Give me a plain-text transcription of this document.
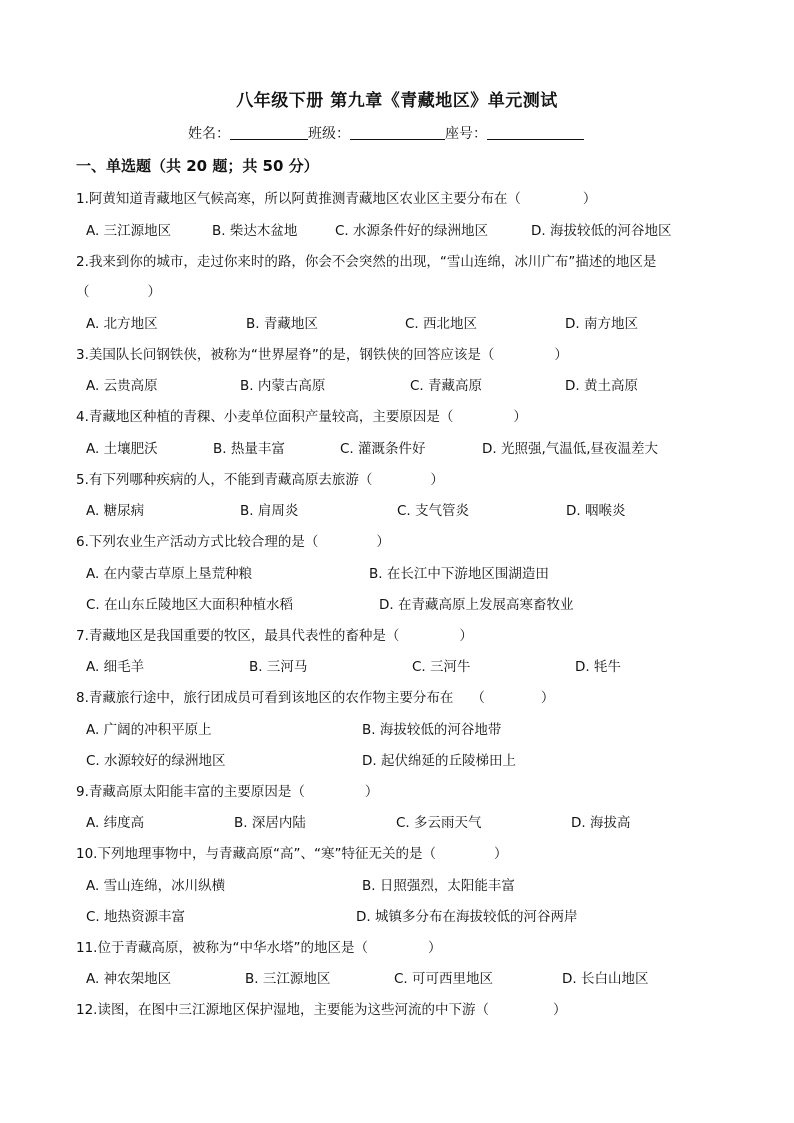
八年级下册 第九章《青藏地区》单元测试
姓名：	班级：	座号：
一、单选题（共 20 题；共 50 分）
1.阿黄知道青藏地区气候高寒，所以阿黄推测青藏地区农业区主要分布在（	）
A. 三江源地区	B. 柴达木盆地	C. 水源条件好的绿洲地区	D. 海拔较低的河谷地区
2.我来到你的城市，走过你来时的路，你会不会突然的出现，“雪山连绵，冰川广布”描述的地区是
（	）
A. 北方地区	B. 青藏地区	C. 西北地区	D. 南方地区
3.美国队长问钢铁侠，被称为“世界屋脊”的是，钢铁侠的回答应该是（	）
A. 云贵高原	B. 内蒙古高原	C. 青藏高原	D. 黄土高原
4.青藏地区种植的青稞、小麦单位面积产量较高，主要原因是（	）
A. 土壤肥沃	B. 热量丰富	C. 灌溉条件好	D. 光照强,气温低,昼夜温差大
5.有下列哪种疾病的人，不能到青藏高原去旅游（	）
A. 糖尿病	B. 肩周炎	C. 支气管炎	D. 咽喉炎
6.下列农业生产活动方式比较合理的是（	）
A. 在内蒙古草原上垦荒种粮	B. 在长江中下游地区围湖造田
C. 在山东丘陵地区大面积种植水稻	D. 在青藏高原上发展高寒畜牧业
7.青藏地区是我国重要的牧区，最具代表性的畜种是（	）
A. 细毛羊	B. 三河马	C. 三河牛	D. 牦牛
8.青藏旅行途中，旅行团成员可看到该地区的农作物主要分布在 （	）
A. 广阔的冲积平原上	B. 海拔较低的河谷地带
C. 水源较好的绿洲地区	D. 起伏绵延的丘陵梯田上
9.青藏高原太阳能丰富的主要原因是（	）
A. 纬度高	B. 深居内陆	C. 多云雨天气	D. 海拔高
10.下列地理事物中，与青藏高原“高”、“寒”特征无关的是（	）
A. 雪山连绵，冰川纵横	B. 日照强烈，太阳能丰富
C. 地热资源丰富	D. 城镇多分布在海拔较低的河谷两岸
11.位于青藏高原，被称为“中华水塔”的地区是（	）
A. 神农架地区	B. 三江源地区	C. 可可西里地区	D. 长白山地区
12.读图，在图中三江源地区保护湿地，主要能为这些河流的中下游（	）
